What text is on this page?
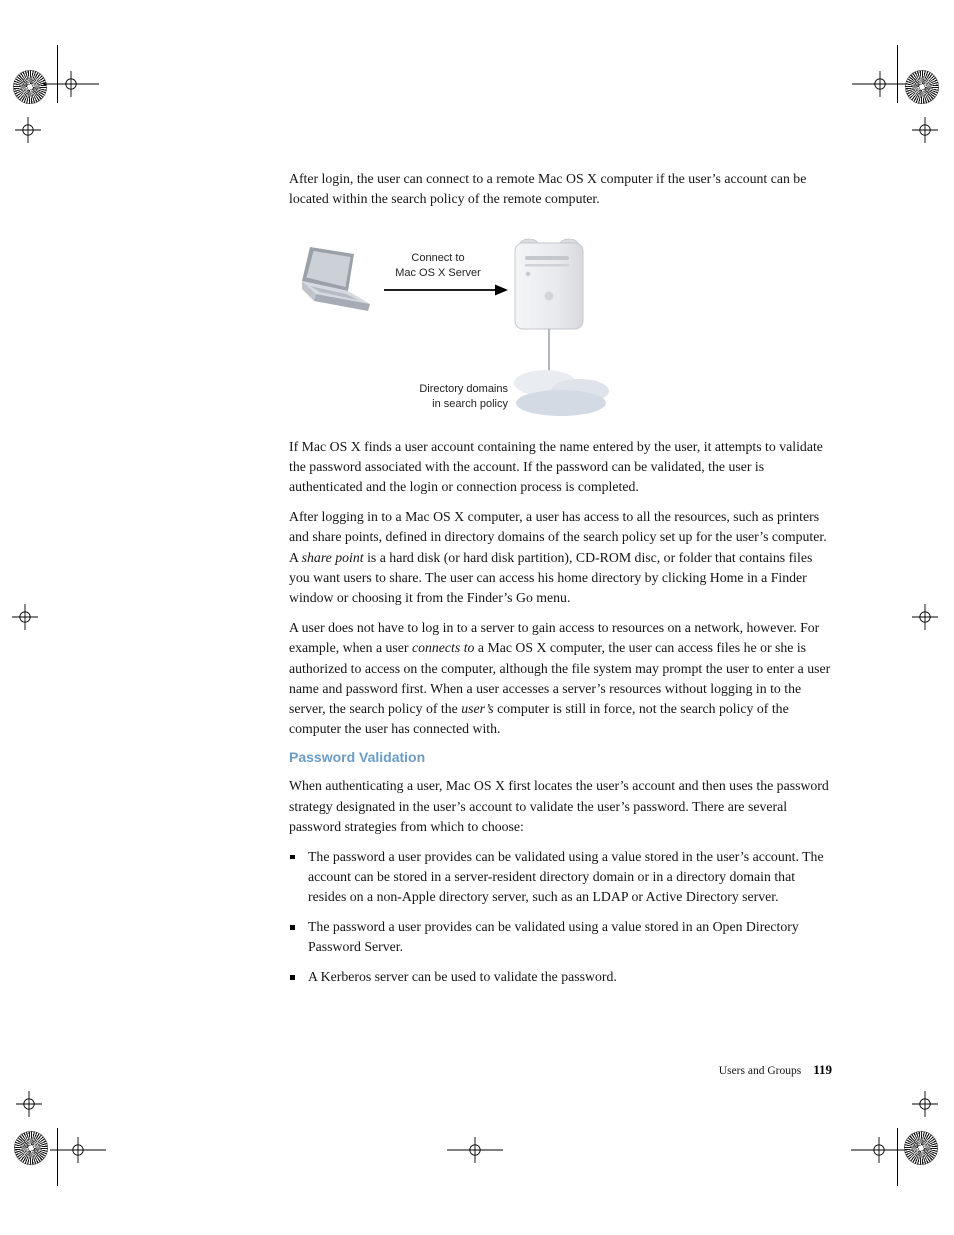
After login, the user can connect to a remote Mac OS X computer if the user’s account can be located within the search policy of the remote computer.

Connect to
Mac OS X Server
Directory domains
in search policy

If Mac OS X finds a user account containing the name entered by the user, it attempts to validate the password associated with the account. If the password can be validated, the user is authenticated and the login or connection process is completed.

After logging in to a Mac OS X computer, a user has access to all the resources, such as printers and share points, defined in directory domains of the search policy set up for the user’s computer. A share point is a hard disk (or hard disk partition), CD-ROM disc, or folder that contains files you want users to share. The user can access his home directory by clicking Home in a Finder window or choosing it from the Finder’s Go menu.

A user does not have to log in to a server to gain access to resources on a network, however. For example, when a user connects to a Mac OS X computer, the user can access files he or she is authorized to access on the computer, although the file system may prompt the user to enter a user name and password first. When a user accesses a server’s resources without logging in to the server, the search policy of the user’s computer is still in force, not the search policy of the computer the user has connected with.

Password Validation

When authenticating a user, Mac OS X first locates the user’s account and then uses the password strategy designated in the user’s account to validate the user’s password. There are several password strategies from which to choose:

The password a user provides can be validated using a value stored in the user’s account. The account can be stored in a server-resident directory domain or in a directory domain that resides on a non-Apple directory server, such as an LDAP or Active Directory server.
The password a user provides can be validated using a value stored in an Open Directory Password Server.
A Kerberos server can be used to validate the password.
Users and Groups 119
